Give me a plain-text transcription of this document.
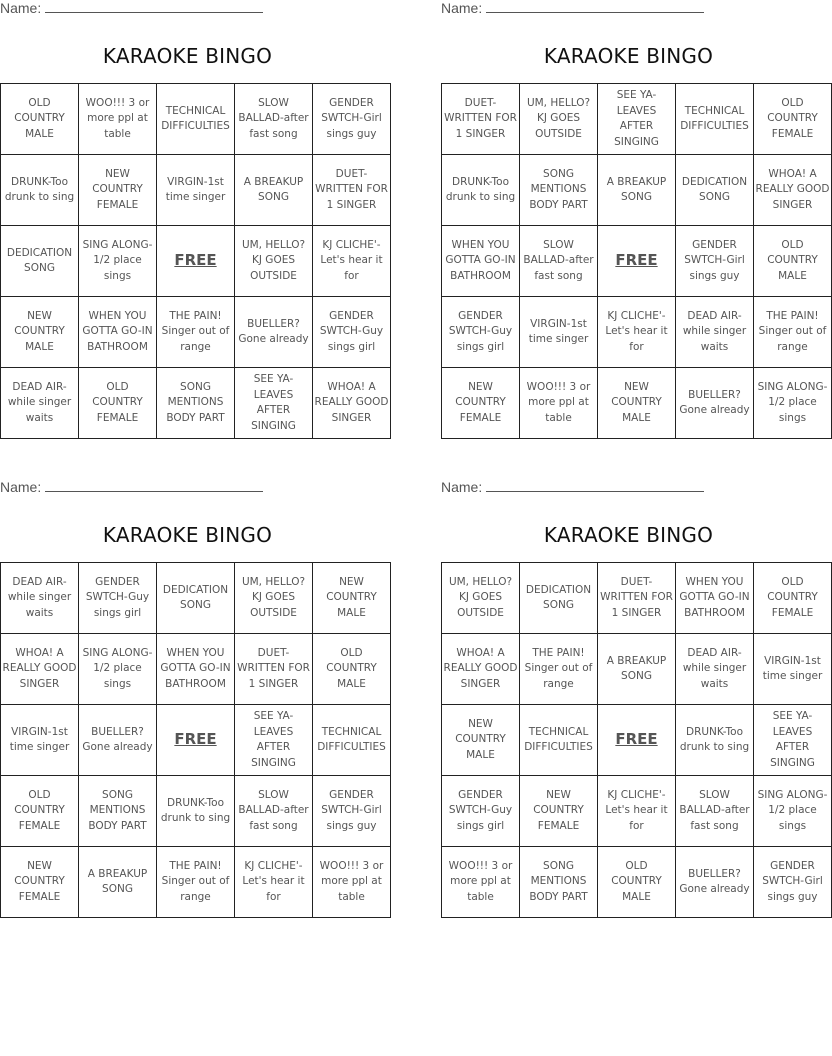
Name:
KARAOKE BINGO
OLD COUNTRY MALE	WOO!!! 3 or more ppl at table	TECHNICAL DIFFICULTIES	SLOW BALLAD-after fast song	GENDER SWTCH-Girl sings guy
DRUNK-Too drunk to sing	NEW COUNTRY FEMALE	VIRGIN-1st time singer	A BREAKUP SONG	DUET-WRITTEN FOR 1 SINGER
DEDICATION SONG	SING ALONG-1/2 place sings	FREE	UM, HELLO? KJ GOES OUTSIDE	KJ CLICHE'-Let's hear it for
NEW COUNTRY MALE	WHEN YOU GOTTA GO-IN BATHROOM	THE PAIN! Singer out of range	BUELLER? Gone already	GENDER SWTCH-Guy sings girl
DEAD AIR-while singer waits	OLD COUNTRY FEMALE	SONG MENTIONS BODY PART	SEE YA-LEAVES AFTER SINGING	WHOA! A REALLY GOOD SINGER
Name:
KARAOKE BINGO
DUET-WRITTEN FOR 1 SINGER	UM, HELLO? KJ GOES OUTSIDE	SEE YA-LEAVES AFTER SINGING	TECHNICAL DIFFICULTIES	OLD COUNTRY FEMALE
DRUNK-Too drunk to sing	SONG MENTIONS BODY PART	A BREAKUP SONG	DEDICATION SONG	WHOA! A REALLY GOOD SINGER
WHEN YOU GOTTA GO-IN BATHROOM	SLOW BALLAD-after fast song	FREE	GENDER SWTCH-Girl sings guy	OLD COUNTRY MALE
GENDER SWTCH-Guy sings girl	VIRGIN-1st time singer	KJ CLICHE'-Let's hear it for	DEAD AIR-while singer waits	THE PAIN! Singer out of range
NEW COUNTRY FEMALE	WOO!!! 3 or more ppl at table	NEW COUNTRY MALE	BUELLER? Gone already	SING ALONG-1/2 place sings
Name:
KARAOKE BINGO
DEAD AIR-while singer waits	GENDER SWTCH-Guy sings girl	DEDICATION SONG	UM, HELLO? KJ GOES OUTSIDE	NEW COUNTRY MALE
WHOA! A REALLY GOOD SINGER	SING ALONG-1/2 place sings	WHEN YOU GOTTA GO-IN BATHROOM	DUET-WRITTEN FOR 1 SINGER	OLD COUNTRY MALE
VIRGIN-1st time singer	BUELLER? Gone already	FREE	SEE YA-LEAVES AFTER SINGING	TECHNICAL DIFFICULTIES
OLD COUNTRY FEMALE	SONG MENTIONS BODY PART	DRUNK-Too drunk to sing	SLOW BALLAD-after fast song	GENDER SWTCH-Girl sings guy
NEW COUNTRY FEMALE	A BREAKUP SONG	THE PAIN! Singer out of range	KJ CLICHE'-Let's hear it for	WOO!!! 3 or more ppl at table
Name:
KARAOKE BINGO
UM, HELLO? KJ GOES OUTSIDE	DEDICATION SONG	DUET-WRITTEN FOR 1 SINGER	WHEN YOU GOTTA GO-IN BATHROOM	OLD COUNTRY FEMALE
WHOA! A REALLY GOOD SINGER	THE PAIN! Singer out of range	A BREAKUP SONG	DEAD AIR-while singer waits	VIRGIN-1st time singer
NEW COUNTRY MALE	TECHNICAL DIFFICULTIES	FREE	DRUNK-Too drunk to sing	SEE YA-LEAVES AFTER SINGING
GENDER SWTCH-Guy sings girl	NEW COUNTRY FEMALE	KJ CLICHE'-Let's hear it for	SLOW BALLAD-after fast song	SING ALONG-1/2 place sings
WOO!!! 3 or more ppl at table	SONG MENTIONS BODY PART	OLD COUNTRY MALE	BUELLER? Gone already	GENDER SWTCH-Girl sings guy
